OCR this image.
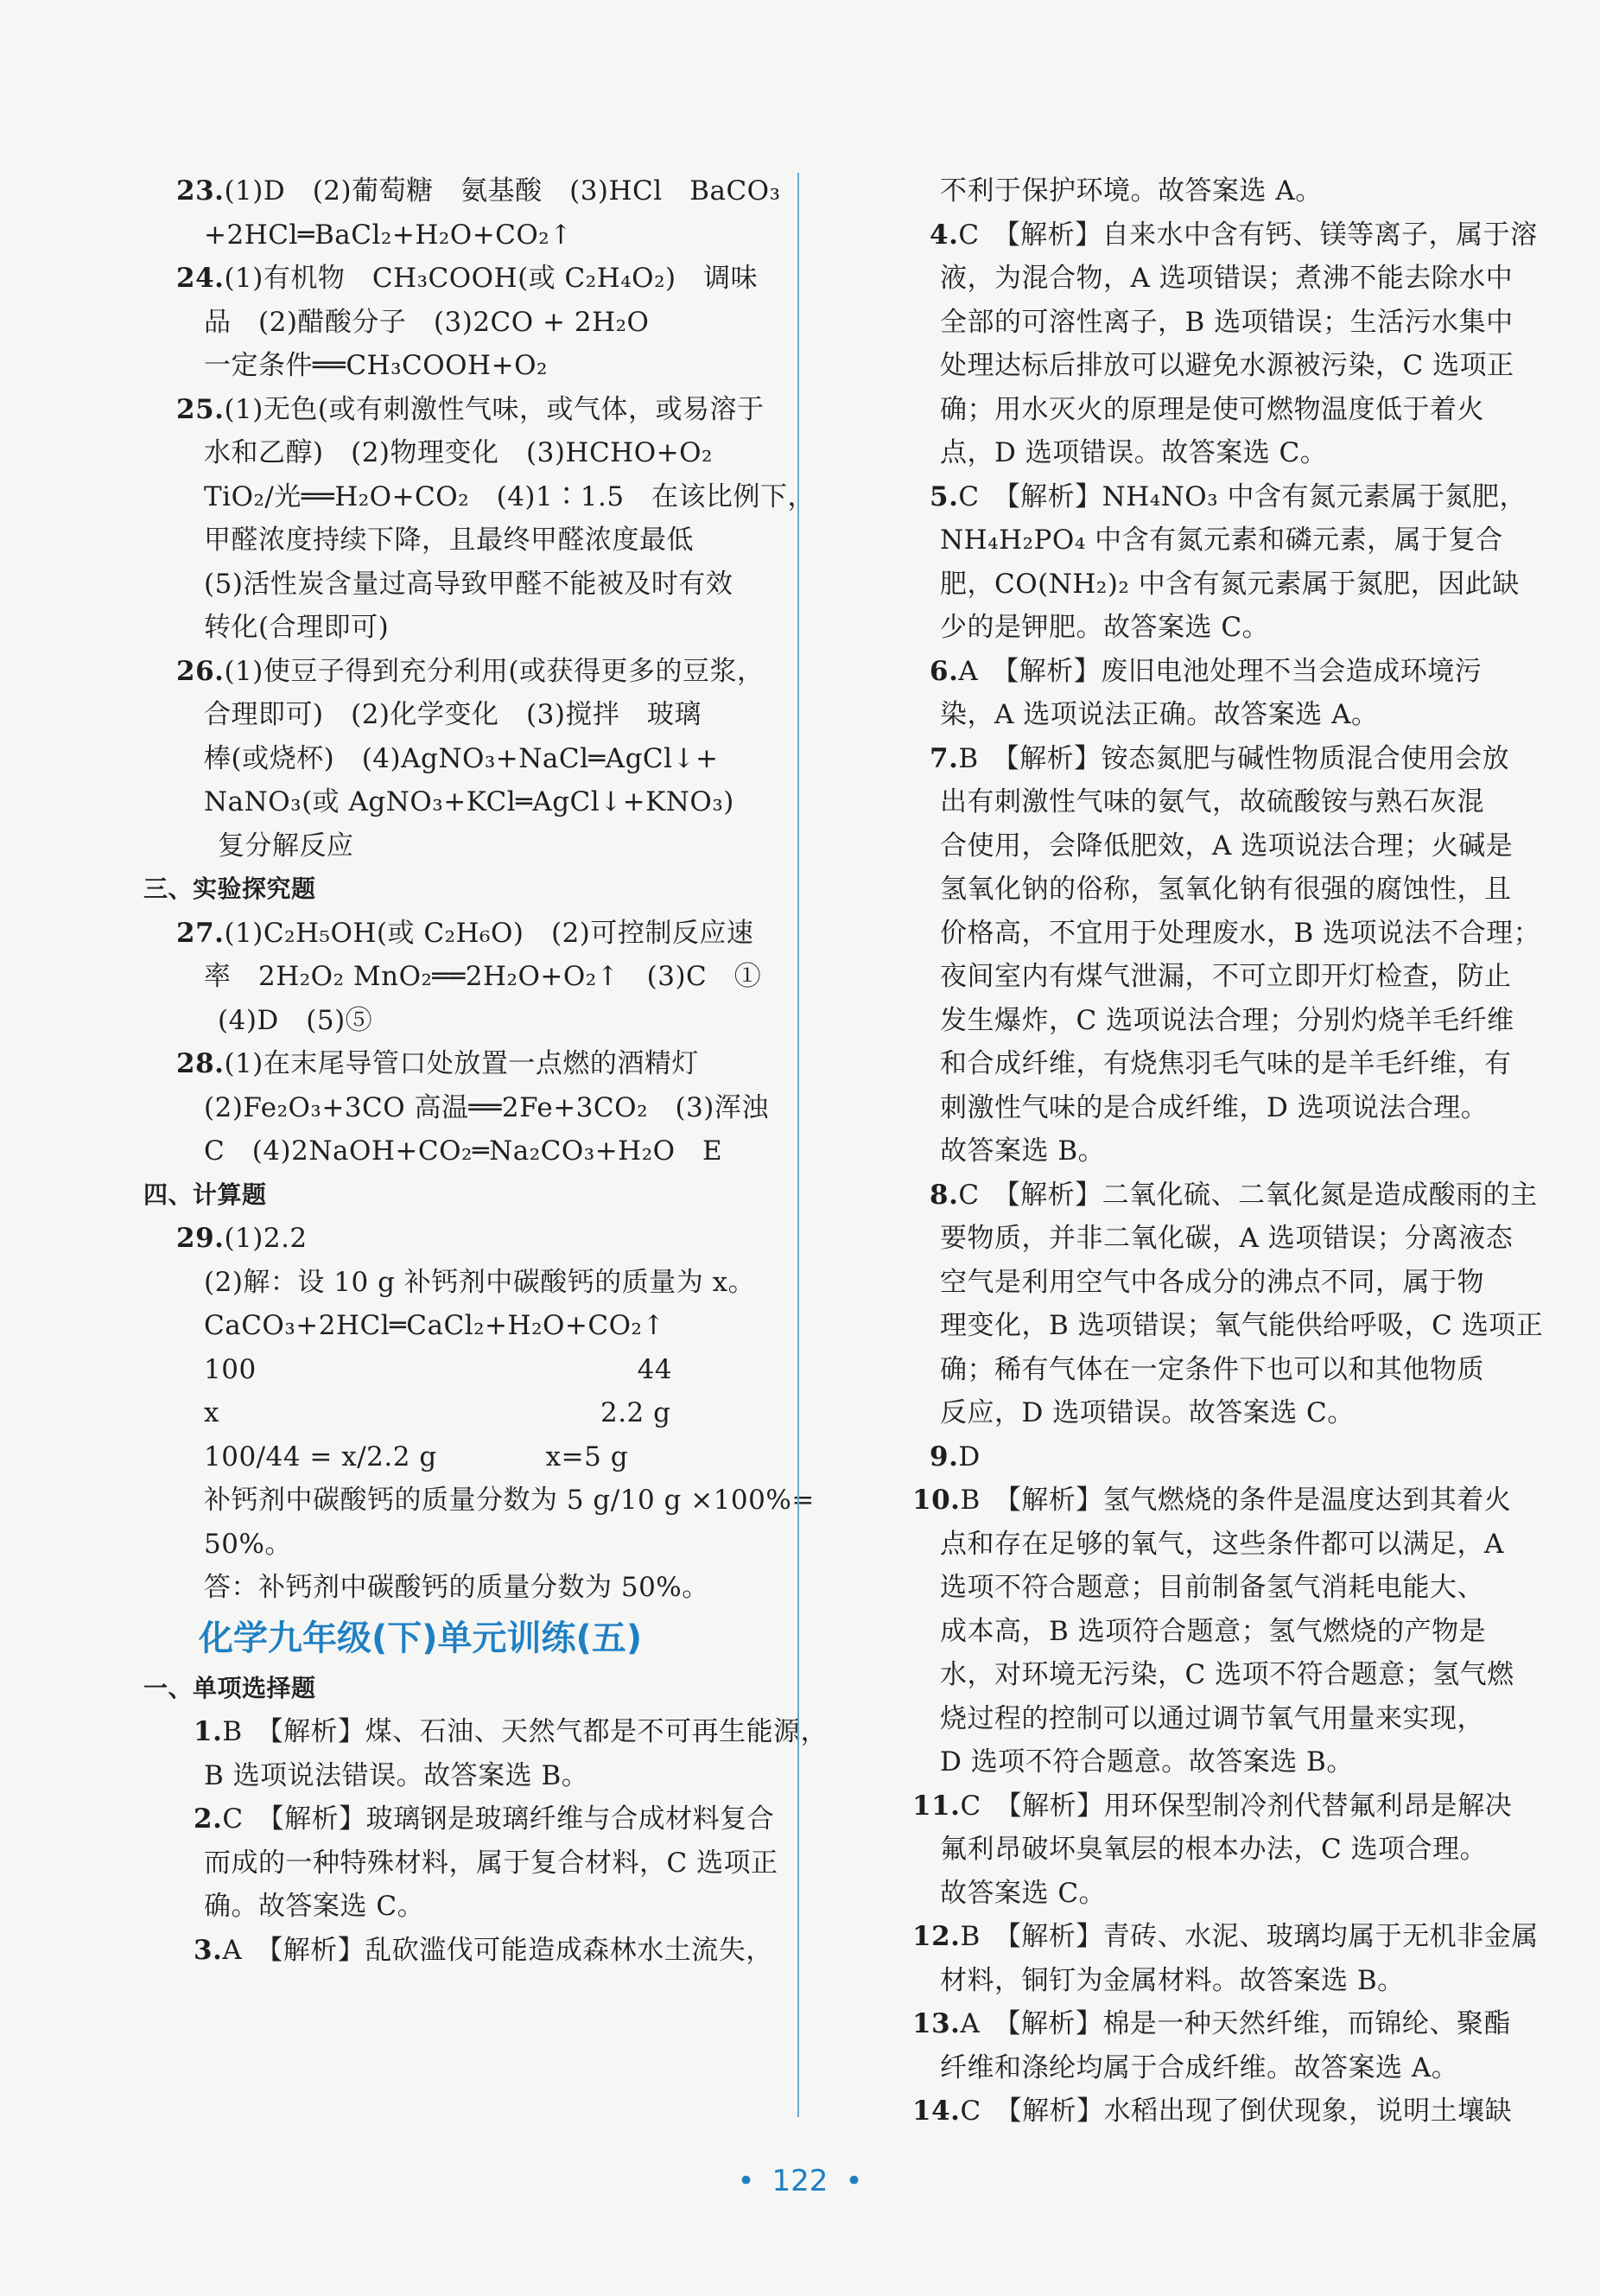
23.(1)D　(2)葡萄糖　氨基酸　(3)HCl　BaCO₃
+2HCl═BaCl₂+H₂O+CO₂↑
24.(1)有机物　CH₃COOH(或 C₂H₄O₂)　调味
品　(2)醋酸分子　(3)2CO + 2H₂O
一定条件══CH₃COOH+O₂
25.(1)无色(或有刺激性气味，或气体，或易溶于
水和乙醇)　(2)物理变化　(3)HCHO+O₂
TiO₂/光══H₂O+CO₂　(4)1∶1.5　在该比例下，
甲醛浓度持续下降，且最终甲醛浓度最低
(5)活性炭含量过高导致甲醛不能被及时有效
转化(合理即可)
26.(1)使豆子得到充分利用(或获得更多的豆浆，
合理即可)　(2)化学变化　(3)搅拌　玻璃
棒(或烧杯)　(4)AgNO₃+NaCl═AgCl↓+
NaNO₃(或 AgNO₃+KCl═AgCl↓+KNO₃)
复分解反应
三、实验探究题
27.(1)C₂H₅OH(或 C₂H₆O)　(2)可控制反应速
率　2H₂O₂ MnO₂══2H₂O+O₂↑　(3)C　①
(4)D　(5)⑤
28.(1)在末尾导管口处放置一点燃的酒精灯
(2)Fe₂O₃+3CO 高温══2Fe+3CO₂　(3)浑浊
C　(4)2NaOH+CO₂═Na₂CO₃+H₂O　E
四、计算题
29.(1)2.2
(2)解：设 10 g 补钙剂中碳酸钙的质量为 x。
CaCO₃+2HCl═CaCl₂+H₂O+CO₂↑
100　　　　　　　　　　　　　　44
x　　　　　　　　　　　　　　2.2 g
100/44 = x/2.2 g　　　　x=5 g
补钙剂中碳酸钙的质量分数为 5 g/10 g ×100%=
50%。
答：补钙剂中碳酸钙的质量分数为 50%。
化学九年级(下)单元训练(五)
一、单项选择题
1.B　【解析】煤、石油、天然气都是不可再生能源，
B 选项说法错误。故答案选 B。
2.C　【解析】玻璃钢是玻璃纤维与合成材料复合
而成的一种特殊材料，属于复合材料，C 选项正
确。故答案选 C。
3.A　【解析】乱砍滥伐可能造成森林水土流失，
不利于保护环境。故答案选 A。
4.C　【解析】自来水中含有钙、镁等离子，属于溶
液，为混合物，A 选项错误；煮沸不能去除水中
全部的可溶性离子，B 选项错误；生活污水集中
处理达标后排放可以避免水源被污染，C 选项正
确；用水灭火的原理是使可燃物温度低于着火
点，D 选项错误。故答案选 C。
5.C　【解析】NH₄NO₃ 中含有氮元素属于氮肥，
NH₄H₂PO₄ 中含有氮元素和磷元素，属于复合
肥，CO(NH₂)₂ 中含有氮元素属于氮肥，因此缺
少的是钾肥。故答案选 C。
6.A　【解析】废旧电池处理不当会造成环境污
染，A 选项说法正确。故答案选 A。
7.B　【解析】铵态氮肥与碱性物质混合使用会放
出有刺激性气味的氨气，故硫酸铵与熟石灰混
合使用，会降低肥效，A 选项说法合理；火碱是
氢氧化钠的俗称，氢氧化钠有很强的腐蚀性，且
价格高，不宜用于处理废水，B 选项说法不合理；
夜间室内有煤气泄漏，不可立即开灯检查，防止
发生爆炸，C 选项说法合理；分别灼烧羊毛纤维
和合成纤维，有烧焦羽毛气味的是羊毛纤维，有
刺激性气味的是合成纤维，D 选项说法合理。
故答案选 B。
8.C　【解析】二氧化硫、二氧化氮是造成酸雨的主
要物质，并非二氧化碳，A 选项错误；分离液态
空气是利用空气中各成分的沸点不同，属于物
理变化，B 选项错误；氧气能供给呼吸，C 选项正
确；稀有气体在一定条件下也可以和其他物质
反应，D 选项错误。故答案选 C。
9.D
10.B　【解析】氢气燃烧的条件是温度达到其着火
点和存在足够的氧气，这些条件都可以满足，A
选项不符合题意；目前制备氢气消耗电能大、
成本高，B 选项符合题意；氢气燃烧的产物是
水，对环境无污染，C 选项不符合题意；氢气燃
烧过程的控制可以通过调节氧气用量来实现，
D 选项不符合题意。故答案选 B。
11.C　【解析】用环保型制冷剂代替氟利昂是解决
氟利昂破坏臭氧层的根本办法，C 选项合理。
故答案选 C。
12.B　【解析】青砖、水泥、玻璃均属于无机非金属
材料，铜钉为金属材料。故答案选 B。
13.A　【解析】棉是一种天然纤维，而锦纶、聚酯
纤维和涤纶均属于合成纤维。故答案选 A。
14.C　【解析】水稻出现了倒伏现象，说明土壤缺
• 122 •
